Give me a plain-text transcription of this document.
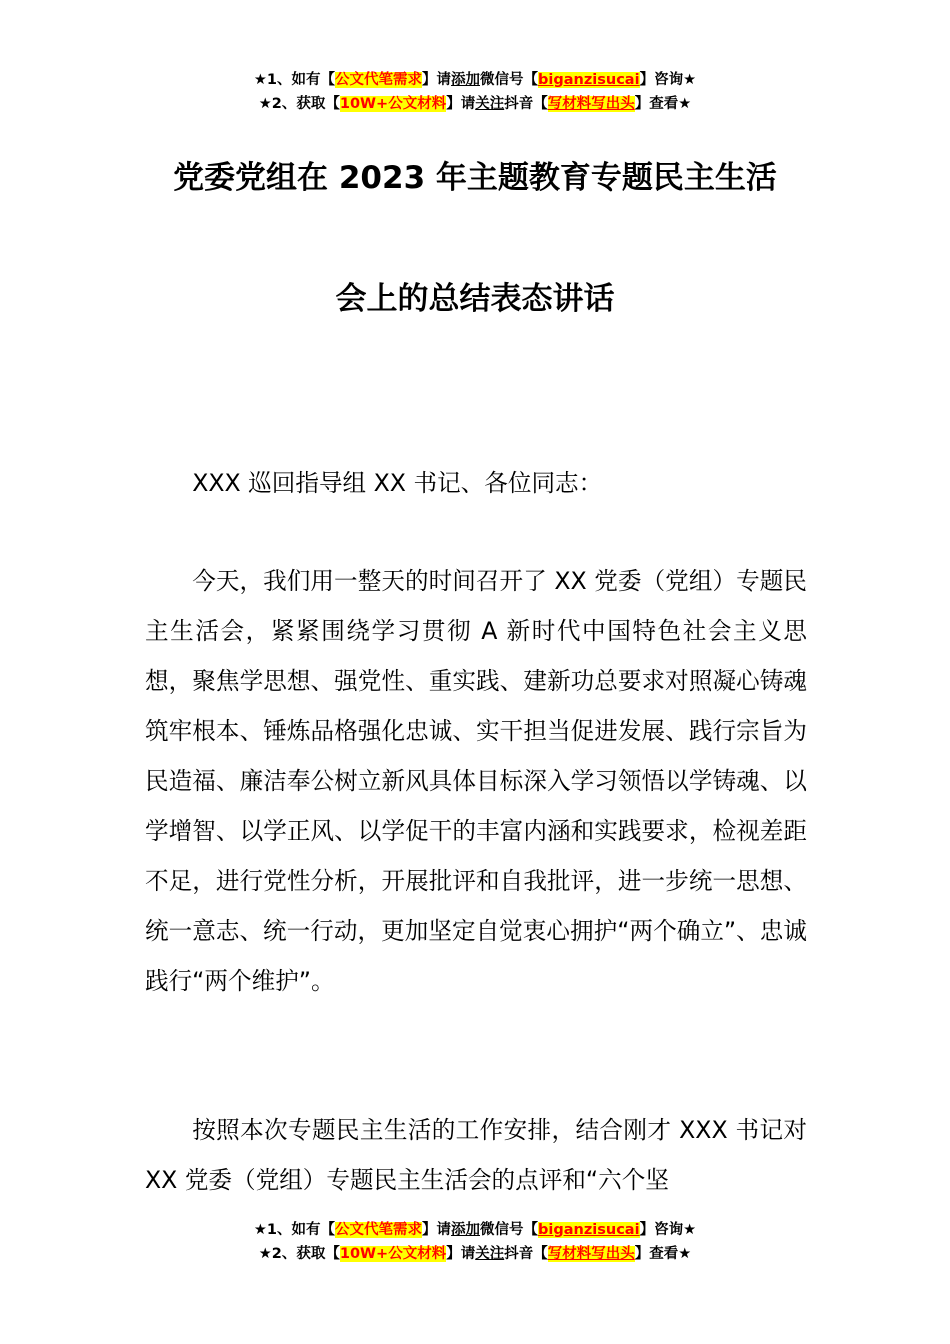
★1、如有【公文代笔需求】请添加微信号【biganzisucai】咨询★
★2、获取【10W+公文材料】请关注抖音【写材料写出头】查看★
党委党组在 2023 年主题教育专题民主生活
会上的总结表态讲话

XXX 巡回指导组 XX 书记、各位同志：

今天，我们用一整天的时间召开了 XX 党委（党组）专题民主生活会，紧紧围绕学习贯彻 A 新时代中国特色社会主义思想，聚焦学思想、强党性、重实践、建新功总要求对照凝心铸魂筑牢根本、锤炼品格强化忠诚、实干担当促进发展、践行宗旨为民造福、廉洁奉公树立新风具体目标深入学习领悟以学铸魂、以学增智、以学正风、以学促干的丰富内涵和实践要求，检视差距不足，进行党性分析，开展批评和自我批评，进一步统一思想、统一意志、统一行动，更加坚定自觉衷心拥护“两个确立”、忠诚践行“两个维护”。

按照本次专题民主生活的工作安排，结合刚才 XXX 书记对 XX 党委（党组）专题民主生活会的点评和“六个坚

★1、如有【公文代笔需求】请添加微信号【biganzisucai】咨询★
★2、获取【10W+公文材料】请关注抖音【写材料写出头】查看★
